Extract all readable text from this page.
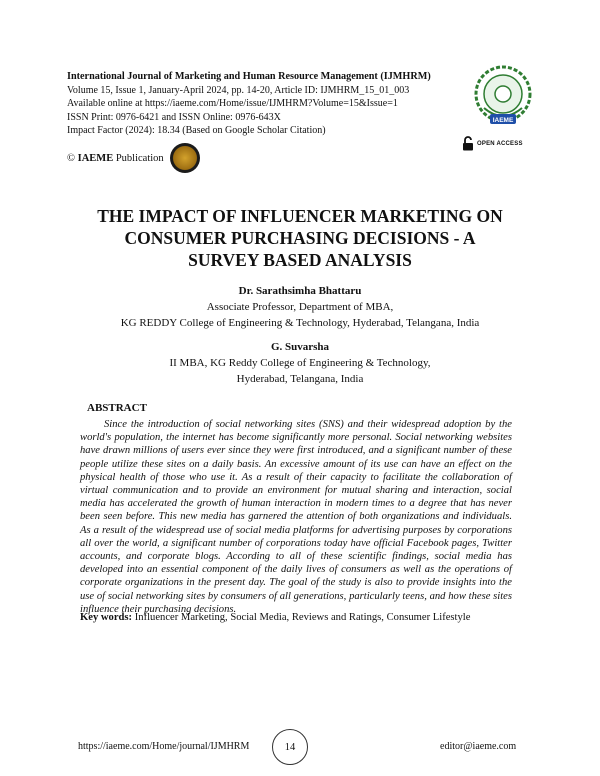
International Journal of Marketing and Human Resource Management (IJMHRM)
Volume 15, Issue 1, January-April 2024, pp. 14-20, Article ID: IJMHRM_15_01_003
Available online at https://iaeme.com/Home/issue/IJMHRM?Volume=15&Issue=1
ISSN Print: 0976-6421 and ISSN Online: 0976-643X
Impact Factor (2024): 18.34 (Based on Google Scholar Citation)
IAEME
© IAEME Publication
OPEN ACCESS
THE IMPACT OF INFLUENCER MARKETING ON
CONSUMER PURCHASING DECISIONS - A
SURVEY BASED ANALYSIS
Dr. Sarathsimha Bhattaru
Associate Professor, Department of MBA,
KG REDDY College of Engineering & Technology, Hyderabad, Telangana, India
G. Suvarsha
II MBA, KG Reddy College of Engineering & Technology,
Hyderabad, Telangana, India
ABSTRACT
Since the introduction of social networking sites (SNS) and their widespread adoption by the world's population, the internet has become significantly more personal. Social networking websites have drawn millions of users ever since they were first introduced, and a significant number of these people utilize these sites on a daily basis. An excessive amount of its use can have an effect on the physical health of those who use it. As a result of their capacity to facilitate the collaboration of virtual communication and to provide an environment for mutual sharing and interaction, social media has accelerated the growth of human interaction in modern times to a degree that has never been seen before. This new media has garnered the attention of both organizations and individuals. As a result of the widespread use of social media platforms for advertising purposes by corporations all over the world, a significant number of corporations today have official Facebook pages, Twitter accounts, and corporate blogs. According to all of these scientific findings, social media has developed into an essential component of the daily lives of consumers as well as the operations of corporate organizations in the present day. The goal of the study is also to provide insights into the use of social networking sites by consumers of all generations, particularly teens, and how these sites influence their purchasing decisions.
Key words: Influencer Marketing, Social Media, Reviews and Ratings, Consumer Lifestyle
https://iaeme.com/Home/journal/IJMHRM	14	editor@iaeme.com
